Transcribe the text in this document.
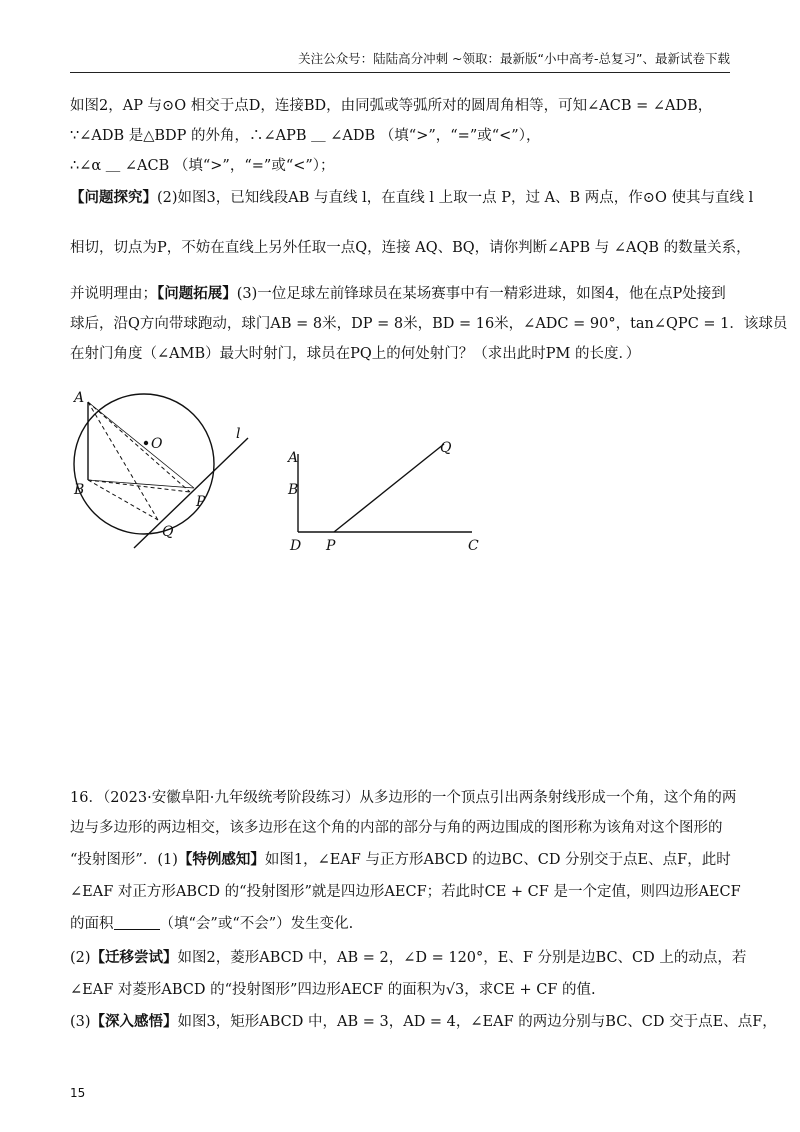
关注公众号：陆陆高分冲刺 ~领取：最新版“小中高考-总复习”、最新试卷下载
如图2，AP 与⊙O 相交于点D，连接BD，由同弧或等弧所对的圆周角相等，可知∠ACB = ∠ADB，
∵∠ADB 是△BDP 的外角，∴∠APB ＿ ∠ADB （填“>”，“=”或“<”），
∴∠α ＿ ∠ACB （填“>”，“=”或“<”）；
【问题探究】(2)如图3，已知线段AB 与直线 l，在直线 l 上取一点 P，过 A、B 两点，作⊙O 使其与直线 l
相切，切点为P，不妨在直线上另外任取一点Q，连接 AQ、BQ，请你判断∠APB 与 ∠AQB 的数量关系，
并说明理由；【问题拓展】(3)一位足球左前锋球员在某场赛事中有一精彩进球，如图4，他在点P处接到
球后，沿Q方向带球跑动，球门AB = 8米，DP = 8米，BD = 16米，∠ADC = 90°，tan∠QPC = 1．该球员
在射门角度（∠AMB）最大时射门，球员在PQ上的何处射门？（求出此时PM 的长度．）
A
O
B
P
Q
l
A
B
D P	C
Q
16．（2023·安徽阜阳·九年级统考阶段练习）从多边形的一个顶点引出两条射线形成一个角，这个角的两
边与多边形的两边相交，该多边形在这个角的内部的部分与角的两边围成的图形称为该角对这个图形的
“投射图形”．(1)【特例感知】如图1，∠EAF 与正方形ABCD 的边BC、CD 分别交于点E、点F，此时
∠EAF 对正方形ABCD 的“投射图形”就是四边形AECF；若此时CE + CF 是一个定值，则四边形AECF
的面积	（填“会”或“不会”）发生变化.
(2)【迁移尝试】如图2，菱形ABCD 中，AB = 2，∠D = 120°，E、F 分别是边BC、CD 上的动点，若
∠EAF 对菱形ABCD 的“投射图形”四边形AECF 的面积为√3，求CE + CF 的值.
(3)【深入感悟】如图3，矩形ABCD 中，AB = 3，AD = 4，∠EAF 的两边分别与BC、CD 交于点E、点F，
15
